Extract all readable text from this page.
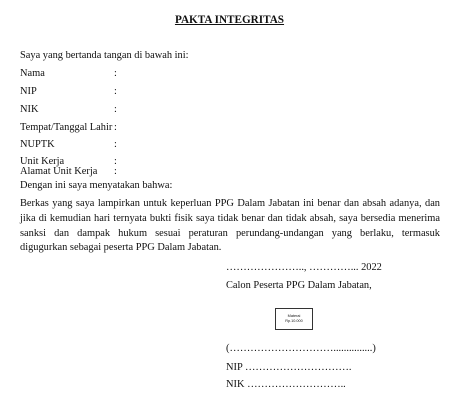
PAKTA INTEGRITAS
Saya yang bertanda tangan di bawah ini:
Nama	:
NIP	:
NIK	:
Tempat/Tanggal Lahir :
NUPTK	:
Unit Kerja	:
Alamat Unit Kerja :
Dengan ini saya menyatakan bahwa:
Berkas yang saya lampirkan untuk keperluan PPG Dalam Jabatan ini benar dan absah adanya, dan jika di kemudian hari ternyata bukti fisik saya tidak benar dan tidak absah, saya bersedia menerima sanksi dan dampak hukum sesuai peraturan perundang-undangan yang berlaku, termasuk digugurkan sebagai peserta PPG Dalam Jabatan.
………………….., …………... 2022
Calon Peserta PPG Dalam Jabatan,
Materai
Rp.10.000
(…………………………...............)
NIP ………………………….
NIK ………………………..
